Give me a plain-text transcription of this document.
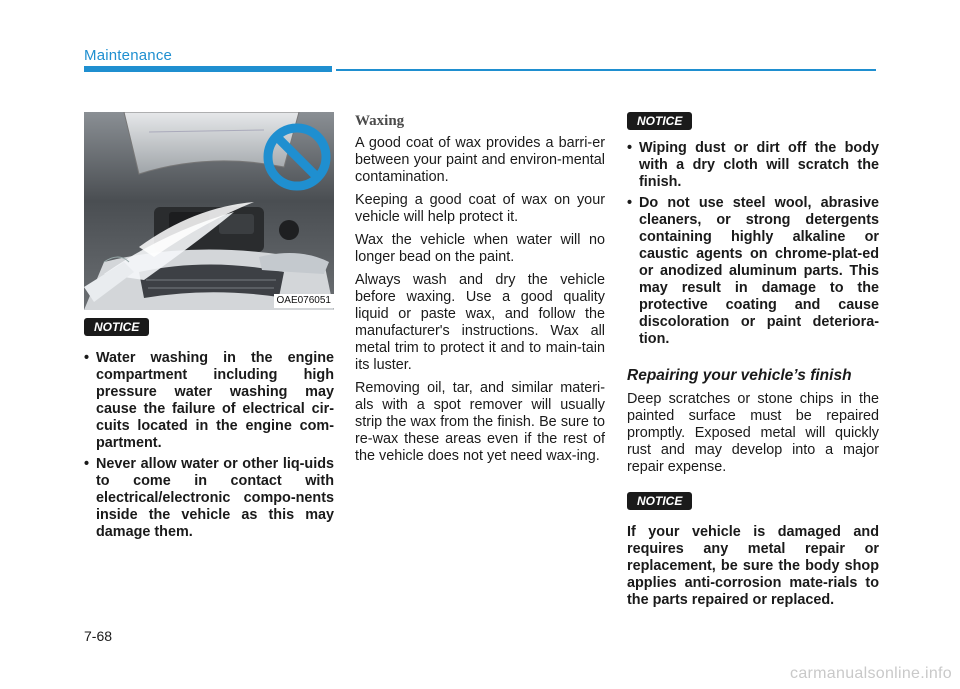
Maintenance
OAE076051
NOTICE
• Water washing in the engine compartment including high pressure water washing may cause the failure of electrical cir-cuits located in the engine com-partment.
• Never allow water or other liq-uids to come in contact with electrical/electronic compo-nents inside the vehicle as this may damage them.
Waxing

A good coat of wax provides a barri-er between your paint and environ-mental contamination.

Keeping a good coat of wax on your vehicle will help protect it.

Wax the vehicle when water will no longer bead on the paint.

Always wash and dry the vehicle before waxing. Use a good quality liquid or paste wax, and follow the manufacturer's instructions. Wax all metal trim to protect it and to main-tain its luster.

Removing oil, tar, and similar materi-als with a spot remover will usually strip the wax from the finish. Be sure to re-wax these areas even if the rest of the vehicle does not yet need wax-ing.

NOTICE
• Wiping dust or dirt off the body with a dry cloth will scratch the finish.
• Do not use steel wool, abrasive cleaners, or strong detergents containing highly alkaline or caustic agents on chrome-plat-ed or anodized aluminum parts. This may result in damage to the protective coating and cause discoloration or paint deteriora-tion.
Repairing your vehicle’s finish

Deep scratches or stone chips in the painted surface must be repaired promptly. Exposed metal will quickly rust and may develop into a major repair expense.

NOTICE

If your vehicle is damaged and requires any metal repair or replacement, be sure the body shop applies anti-corrosion mate-rials to the parts repaired or replaced.

7-68
carmanualsonline.info
